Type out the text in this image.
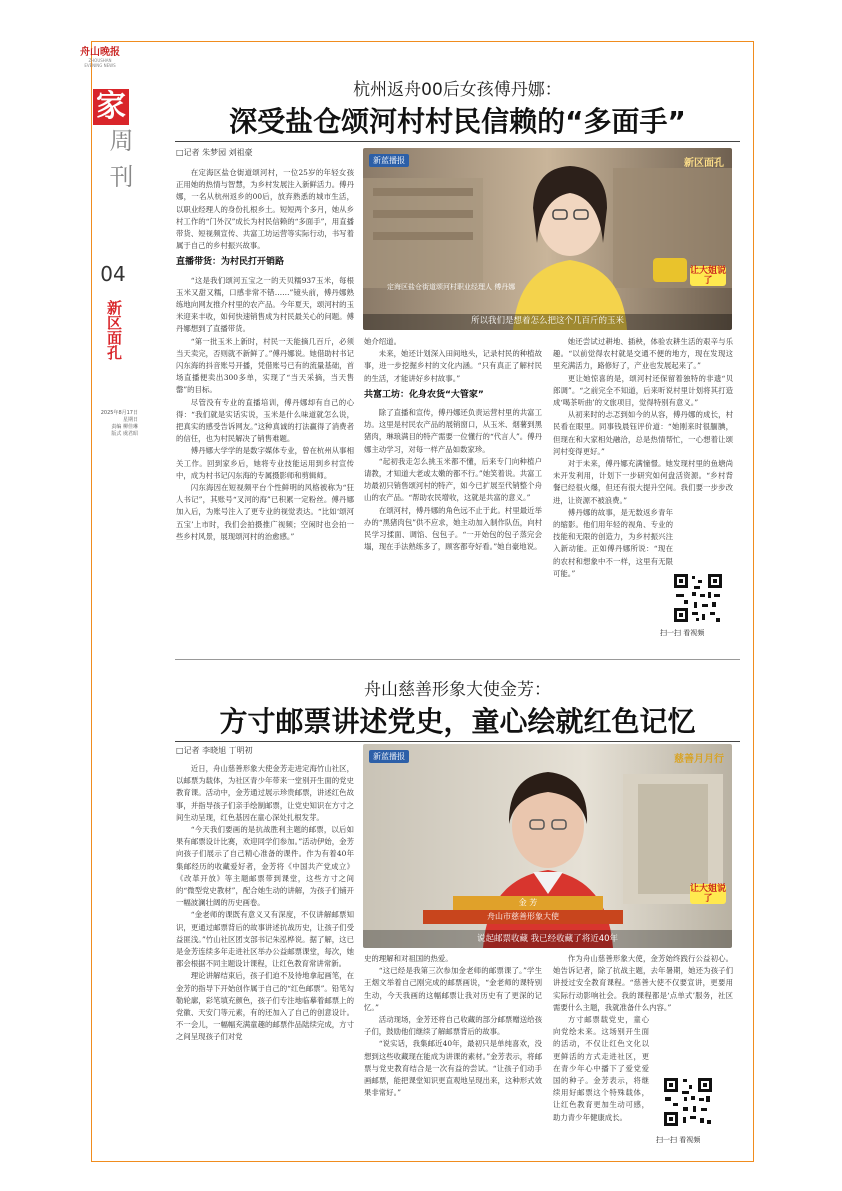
舟山晚报
ZHOUSHAN EVENING NEWS
家
周刊
04
新区面孔
2025年8月17日
星期日
责编 柳佳琳
版式 虞君昭
杭州返舟00后女孩傅丹娜：
深受盐仓颂河村村民信赖的“多面手”
□记者 朱梦园 刘祖豪

在定海区盐仓街道颂河村，一位25岁的年轻女孩正用她的热情与智慧，为乡村发展注入新鲜活力。傅丹娜，一名从杭州返乡的00后，放弃熟悉的城市生活，以职业经理人的身份扎根乡土。短短两个多月，她从乡村工作的“门外汉”成长为村民信赖的“多面手”，用直播带货、短视频宣传、共富工坊运营等实际行动，书写着属于自己的乡村振兴故事。

直播带货：为村民打开销路

“这是我们颂河五宝之一的天贝糯937玉米，每根玉米又甜又糯，口感非常不错……”镜头前，傅丹娜熟练地向网友推介村里的农产品。今年夏天，颂河村的玉米迎来丰收，如何快速销售成为村民最关心的问题。傅丹娜想到了直播带货。

“第一批玉米上新时，村民一天能摘几百斤，必须当天卖完，否则就不新鲜了。”傅丹娜说。她借助村书记闪东海的抖音账号开播，凭借账号已有的流量基础，首场直播便卖出300多单，实现了“当天采摘，当天售罄”的目标。

尽管没有专业的直播培训，傅丹娜却有自己的心得：“我们就是实话实说，玉米是什么味道就怎么说，把真实的感受告诉网友。”这种真诚的打法赢得了消费者的信任，也为村民解决了销售难题。

傅丹娜大学学的是数字媒体专业，曾在杭州从事相关工作。回到家乡后，她将专业技能运用到乡村宣传中，成为村书记闪东海的专属摄影师和剪辑师。

闪东海因在短视频平台个性鲜明的风格被称为“狂人书记”，其账号“叉河的海”已积累一定粉丝。傅丹娜加入后，为账号注入了更专业的视觉表达。“比如‘颂河五宝’上市时，我们会拍摄推广视频；空闲时也会拍一些乡村风景，展现颂河村的治愈感。”

新蓝播报	新区面孔
让大姐说了
定海区盐仓街道颂河村职业经理人 傅丹娜
所以我们是想着怎么把这个几百斤的玉米

她介绍道。

未来，她还计划深入田间地头，记录村民的种植故事，进一步挖掘乡村的文化内涵。“只有真正了解村民的生活，才能讲好乡村故事。”

共富工坊：化身农货“大管家”

除了直播和宣传，傅丹娜还负责运营村里的共富工坊。这里是村民农产品的展销窗口，从玉米、烟薯到黑猪肉，琳琅满目的特产需要一位懂行的“代言人”。傅丹娜主动学习，对每一样产品如数家珍。

“起初我走怎么挑玉米都不懂，后来专门向种植户请教，才知道大老或太嫩的都不行。”她笑着说。共富工坊最初只销售颂河村的特产，如今已扩展至代销整个舟山的农产品。“帮助农民增收，这就是共富的意义。”

在颂河村，傅丹娜的角色远不止于此。村里最近举办的“黑猪肉包”供不应求，她主动加入制作队伍，向村民学习揉面、调馅、包包子。“一开始包的包子蒸完会塌，现在手法熟练多了，顾客都夸好看。”她自豪地说。

她还尝试过耕地、插秧，体验农耕生活的艰辛与乐趣。“以前觉得农村就是交通不便的地方，现在发现这里充满活力，路修好了，产业也发展起来了。”

更让她惊喜的是，颂河村还保留着独特的非遗“贝郎调”。“之前完全不知道，后来听说村里计划将其打造成‘喝茶听曲’的文旅项目，觉得特别有意义。”

从初来时的忐忑到如今的从容，傅丹娜的成长，村民看在眼里。同事钱晨钰评价道：“她刚来时很腼腆，但现在和大家相处融洽，总是热情帮忙，一心想着让颂河村变得更好。”

对于未来，傅丹娜充满憧憬。她发现村里的鱼塘尚未开发利用，计划下一步研究如何盘活资源。“乡村背餐已经很火爆，但还有很大提升空间。我们要一步步改进，让资源不被浪费。”

傅丹娜的故事，是无数返乡青年的缩影。他们用年轻的视角、专业的技能和无限的创造力，为乡村振兴注入新动能。正如傅丹娜所说：“现在的农村和想象中不一样，这里有无限可能。”

扫一扫 看视频
舟山慈善形象大使金芳：
方寸邮票讲述党史，童心绘就红色记忆
□记者 李晓旭 丁明初

近日，舟山慈善形象大使金芳走进定海竹山社区，以邮票为载体，为社区青少年带来一堂别开生面的党史教育课。活动中，金芳通过展示珍贵邮票，讲述红色故事，并指导孩子们亲手绘制邮票，让党史知识在方寸之间生动呈现，红色基因在童心深处扎根发芽。

“今天我们要画的是抗战胜利主题的邮票，以后如果有邮票设计比赛，欢迎同学们参加。”活动伊始，金芳向孩子们展示了自己精心准备的课件。作为有着40年集邮经历的收藏爱好者，金芳将《中国共产党成立》《改革开放》等主题邮票带到课堂，这些方寸之间的“微型党史教材”，配合她生动的讲解，为孩子们铺开一幅波澜壮阔的历史画卷。

“金老师的课既有意义又有深度，不仅讲解邮票知识，更通过邮票背后的故事讲述抗战历史，让孩子们受益匪浅。”竹山社区团支部书记朱泓桦说。据了解，这已是金芳连续多年走进社区举办公益邮票课堂，每次，她都会根据不同主题设计课程，让红色教育常讲常新。

理论讲解结束后，孩子们迫不及待地拿起画笔，在金芳的指导下开始创作属于自己的“红色邮票”。铅笔勾勒轮廓，彩笔填充颜色，孩子们专注地临摹着邮票上的党徽、天安门等元素，有的还加入了自己的创意设计。不一会儿，一幅幅充满童趣的邮票作品陆续完成，方寸之间呈现孩子们对党

新蓝播报	慈善月月行
让大姐说了
金 芳
舟山市慈善形象大使
说起邮票收藏 我已经收藏了将近40年

史的理解和对祖国的热爱。

“这已经是我第三次参加金老师的邮票课了。”学生王烟文举着自己刚完成的邮票画说，“金老师的课特别生动，今天我画的这幅邮票让我对历史有了更深的记忆。”

活动现场，金芳还将自己收藏的部分邮票赠送给孩子们，鼓励他们继续了解邮票背后的故事。

“说实话，我集邮近40年，最初只是单纯喜欢，没想到这些收藏现在能成为讲课的素材。”金芳表示，将邮票与党史教育结合是一次有益的尝试。“让孩子们动手画邮票，能把课堂知识更直观地呈现出来，这种形式效果非常好。”

作为舟山慈善形象大使，金芳始终践行公益初心。她告诉记者，除了抗战主题，去年暑期，她还为孩子们讲授过安全教育课程。“慈善大使不仅要宣讲，更要用实际行动影响社会。我的课程都是‘点单式’服务，社区需要什么主题，我就准备什么内容。”

方寸邮票载党史，童心向党绘未来。这场别开生面的活动，不仅让红色文化以更鲜活的方式走进社区，更在青少年心中播下了爱党爱国的种子。金芳表示，将继续用好邮票这个特殊载体，让红色教育更加生动可感，助力青少年健康成长。

扫一扫 看视频
